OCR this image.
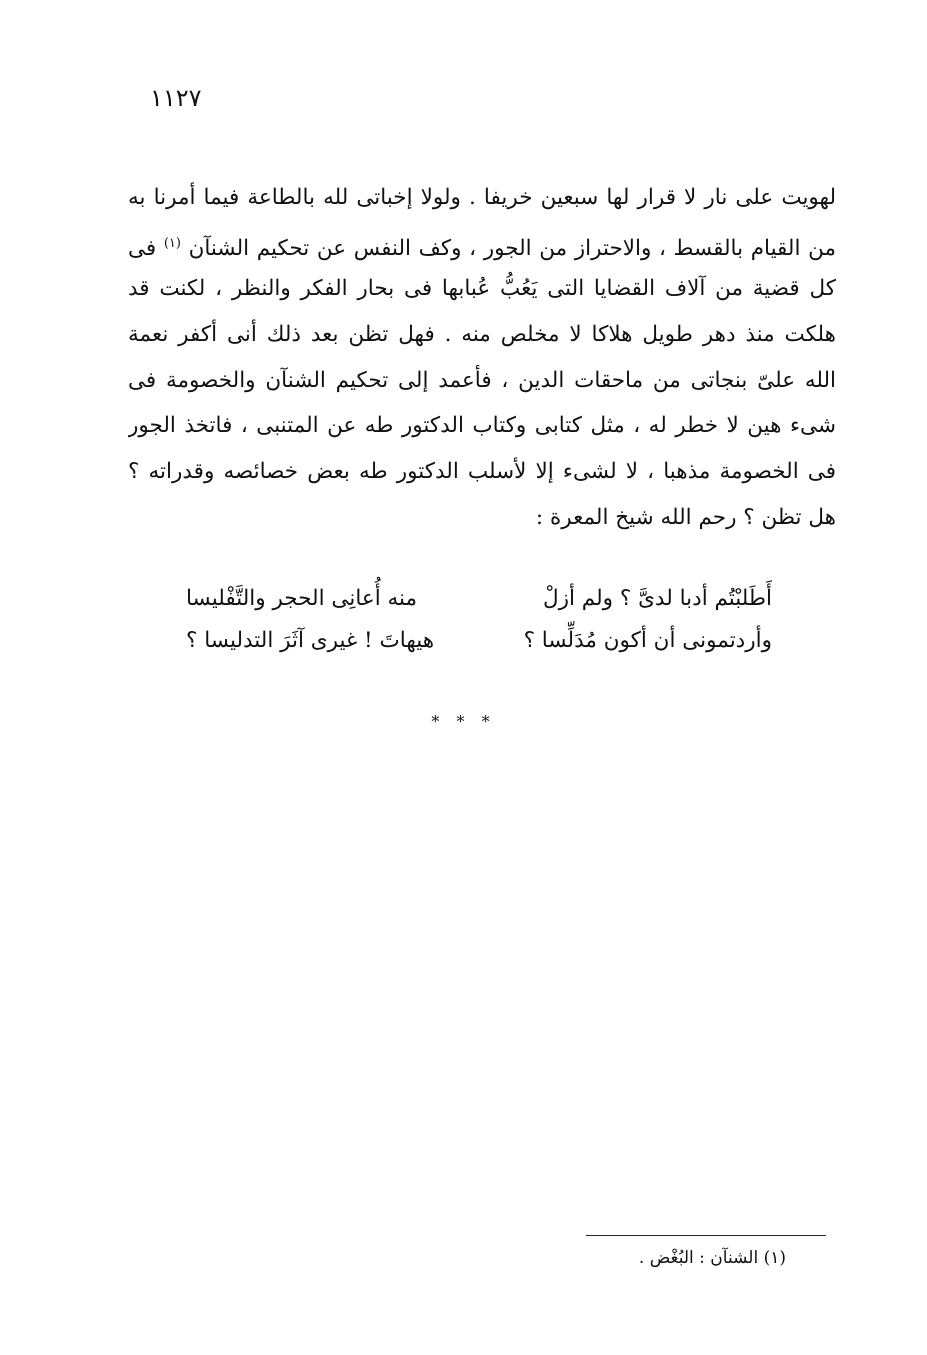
١١٢٧
لهويت على نار لا قرار لها سبعين خريفا . ولولا إخباتى لله بالطاعة فيما أمرنا به
من القيام بالقسط ، والاحتراز من الجور ، وكف النفس عن تحكيم الشنآن $^{(١)}$ فى
كل قضية من آلاف القضايا التى يَعُبُّ عُبابها فى بحار الفكر والنظر ، لكنت قد
هلكت منذ دهر طويل هلاكا لا مخلص منه . فهل تظن بعد ذلك أنى أكفر نعمة
الله علىّ بنجاتى من ماحقات الدين ، فأعمد إلى تحكيم الشنآن والخصومة فى
شىء هين لا خطر له ، مثل كتابى وكتاب الدكتور طه عن المتنبى ، فاتخذ الجور
فى الخصومة مذهبا ، لا لشىء إلا لأسلب الدكتور طه بعض خصائصه وقدراته ؟
هل تظن ؟ رحم الله شيخ المعرة :
أَطَلبْتُم أدبا لدىَّ ؟ ولم أزلْ
منه أُعانِى الحجر والتَّفْليسا
وأردتمونى أن أكون مُدَلِّسا ؟
هيهاتَ ! غيرى آثَرَ التدليسا ؟
* * *
(١) الشنآن : البُغْض .
